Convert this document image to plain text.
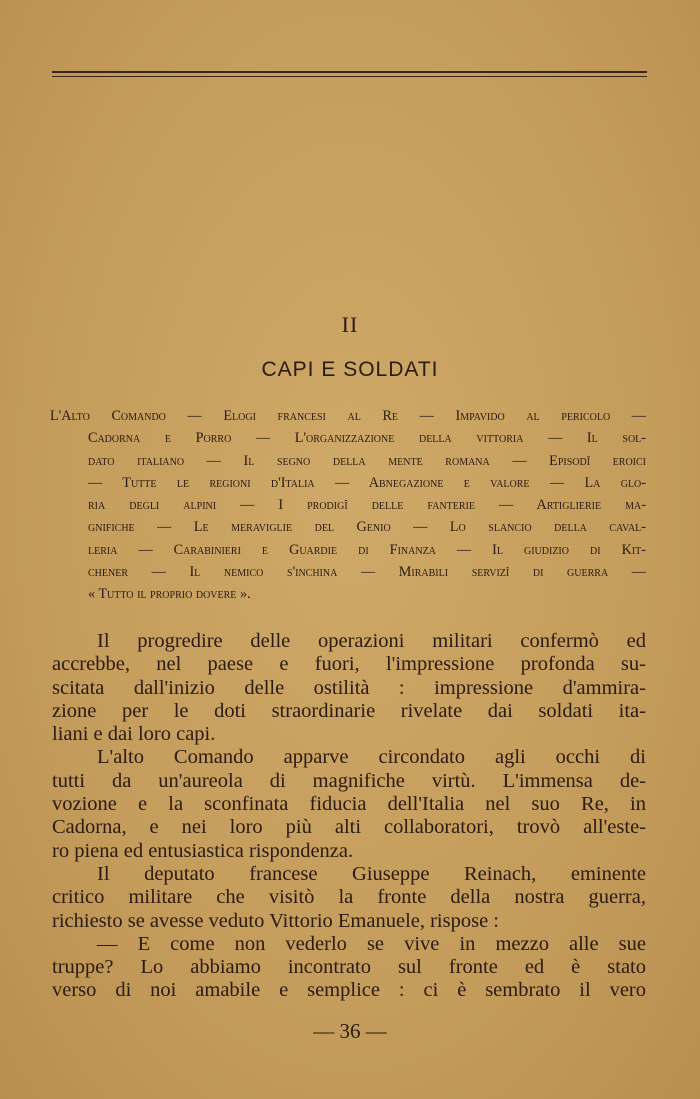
II
CAPI E SOLDATI
L'Alto Comando — Elogi francesi al Re — Impavido al pericolo —
Cadorna e Porro — L'organizzazione della vittoria — Il sol-
dato italiano — Il segno della mente romana — Episodî eroici
— Tutte le regioni d'Italia — Abnegazione e valore — La glo-
ria degli alpini — I prodigî delle fanterie — Artiglierie ma-
gnifiche — Le meraviglie del Genio — Lo slancio della caval-
leria — Carabinieri e Guardie di Finanza — Il giudizio di Kit-
chener — Il nemico s'inchina — Mirabili servizî di guerra —
« Tutto il proprio dovere ».
Il progredire delle operazioni militari confermò ed
accrebbe, nel paese e fuori, l'impressione profonda su-
scitata dall'inizio delle ostilità : impressione d'ammira-
zione per le doti straordinarie rivelate dai soldati ita-
liani e dai loro capi.
L'alto Comando apparve circondato agli occhi di
tutti da un'aureola di magnifiche virtù. L'immensa de-
vozione e la sconfinata fiducia dell'Italia nel suo Re, in
Cadorna, e nei loro più alti collaboratori, trovò all'este-
ro piena ed entusiastica rispondenza.
Il deputato francese Giuseppe Reinach, eminente
critico militare che visitò la fronte della nostra guerra,
richiesto se avesse veduto Vittorio Emanuele, rispose :
— E come non vederlo se vive in mezzo alle sue
truppe? Lo abbiamo incontrato sul fronte ed è stato
verso di noi amabile e semplice : ci è sembrato il vero
— 36 —
